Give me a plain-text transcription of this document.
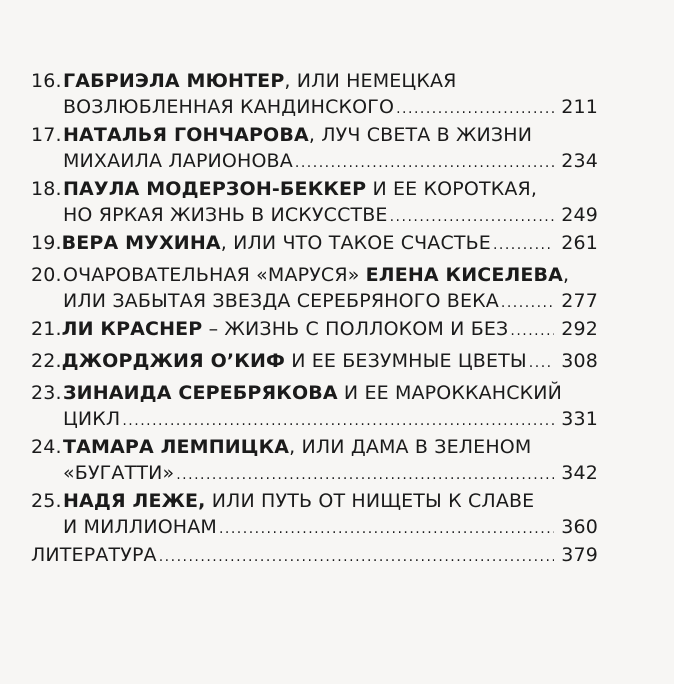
16.ГАБРИЭЛА МЮНТЕР, ИЛИ НЕМЕЦКАЯ
ВОЗЛЮБЛЕННАЯ КАНДИНСКОГО .....	211
17.НАТАЛЬЯ ГОНЧАРОВА, ЛУЧ СВЕТА В ЖИЗНИ
МИХАИЛА ЛАРИОНОВА .....	234
18.ПАУЛА МОДЕРЗОН-БЕККЕР И ЕЕ КОРОТКАЯ,
НО ЯРКАЯ ЖИЗНЬ В ИСКУССТВЕ .....	249
19. ВЕРА МУХИНА, ИЛИ ЧТО ТАКОЕ СЧАСТЬЕ .....	261
20.ОЧАРОВАТЕЛЬНАЯ «МАРУСЯ» ЕЛЕНА КИСЕЛЕВА,
ИЛИ ЗАБЫТАЯ ЗВЕЗДА СЕРЕБРЯНОГО ВЕКА .....	277
21. ЛИ КРАСНЕР – ЖИЗНЬ С ПОЛЛОКОМ И БЕЗ .....	292
22. ДЖОРДЖИЯ О’КИФ И ЕЕ БЕЗУМНЫЕ ЦВЕТЫ ..... 308
23.ЗИНАИДА СЕРЕБРЯКОВА И ЕЕ МАРОККАНСКИЙ
ЦИКЛ .....	331
24.ТАМАРА ЛЕМПИЦКА, ИЛИ ДАМА В ЗЕЛЕНОМ
«БУГАТТИ» .....	342
25.НАДЯ ЛЕЖЕ, ИЛИ ПУТЬ ОТ НИЩЕТЫ К СЛАВЕ
И МИЛЛИОНАМ .....	360
ЛИТЕРАТУРА .....	379
